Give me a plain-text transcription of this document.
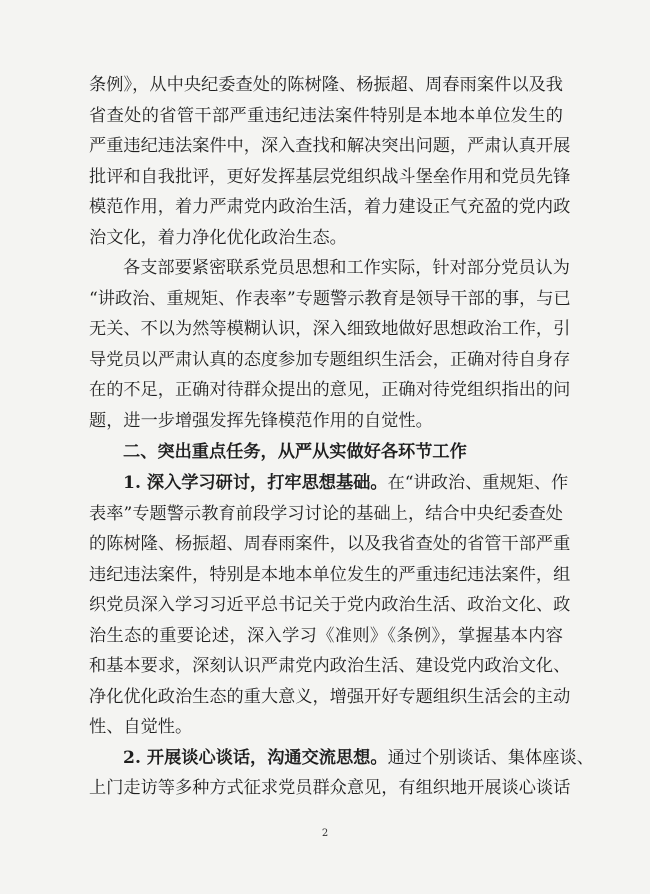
条例》，从中央纪委查处的陈树隆、杨振超、周春雨案件以及我
省查处的省管干部严重违纪违法案件特别是本地本单位发生的
严重违纪违法案件中，深入查找和解决突出问题，严肃认真开展
批评和自我批评，更好发挥基层党组织战斗堡垒作用和党员先锋
模范作用，着力严肃党内政治生活，着力建设正气充盈的党内政
治文化，着力净化优化政治生态。
各支部要紧密联系党员思想和工作实际，针对部分党员认为
“讲政治、重规矩、作表率”专题警示教育是领导干部的事，与已
无关、不以为然等模糊认识，深入细致地做好思想政治工作，引
导党员以严肃认真的态度参加专题组织生活会，正确对待自身存
在的不足，正确对待群众提出的意见，正确对待党组织指出的问
题，进一步增强发挥先锋模范作用的自觉性。
二、突出重点任务，从严从实做好各环节工作
1. 深入学习研讨，打牢思想基础。在“讲政治、重规矩、作
表率”专题警示教育前段学习讨论的基础上，结合中央纪委查处
的陈树隆、杨振超、周春雨案件，以及我省查处的省管干部严重
违纪违法案件，特别是本地本单位发生的严重违纪违法案件，组
织党员深入学习习近平总书记关于党内政治生活、政治文化、政
治生态的重要论述，深入学习《准则》《条例》，掌握基本内容
和基本要求，深刻认识严肃党内政治生活、建设党内政治文化、
净化优化政治生态的重大意义，增强开好专题组织生活会的主动
性、自觉性。
2. 开展谈心谈话，沟通交流思想。通过个别谈话、集体座谈、
上门走访等多种方式征求党员群众意见，有组织地开展谈心谈话
2
